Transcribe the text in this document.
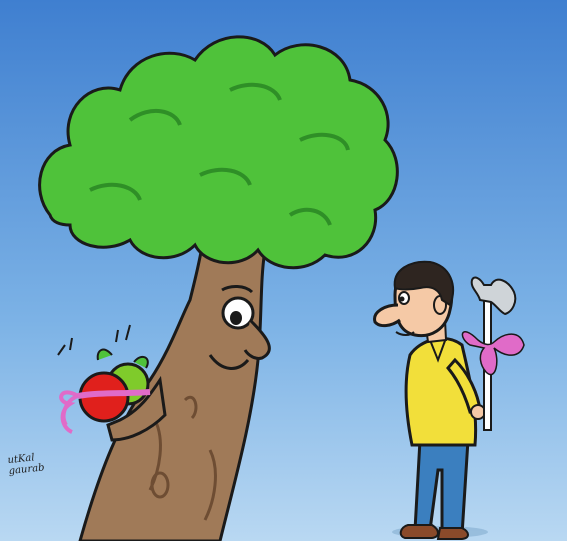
utKal
gaurab
